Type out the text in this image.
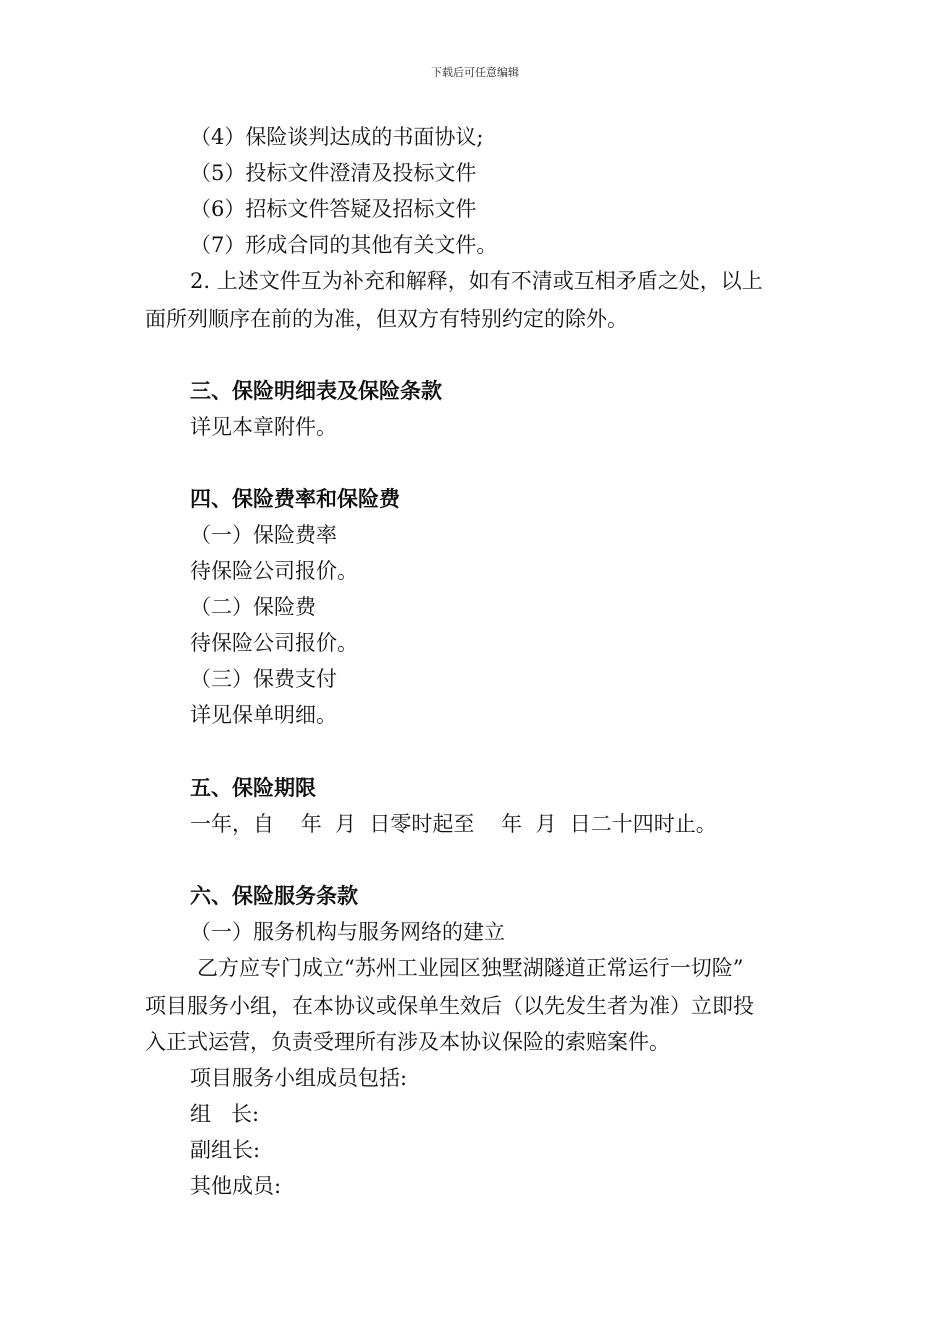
下载后可任意编辑
（4）保险谈判达成的书面协议;
（5）投标文件澄清及投标文件
（6）招标文件答疑及招标文件
（7）形成合同的其他有关文件。
2. 上述文件互为补充和解释，如有不清或互相矛盾之处，以上
面所列顺序在前的为准，但双方有特别约定的除外。
三、保险明细表及保险条款
详见本章附件。
四、保险费率和保险费
（一）保险费率
待保险公司报价。
（二）保险费
待保险公司报价。
（三）保费支付
详见保单明细。
五、保险期限
一年，自    年  月  日零时起至    年  月  日二十四时止。
六、保险服务条款
（一）服务机构与服务网络的建立
乙方应专门成立“苏州工业园区独墅湖隧道正常运行一切险”
项目服务小组，在本协议或保单生效后（以先发生者为准）立即投
入正式运营，负责受理所有涉及本协议保险的索赔案件。
项目服务小组成员包括:
组   长:
副组长:
其他成员:
